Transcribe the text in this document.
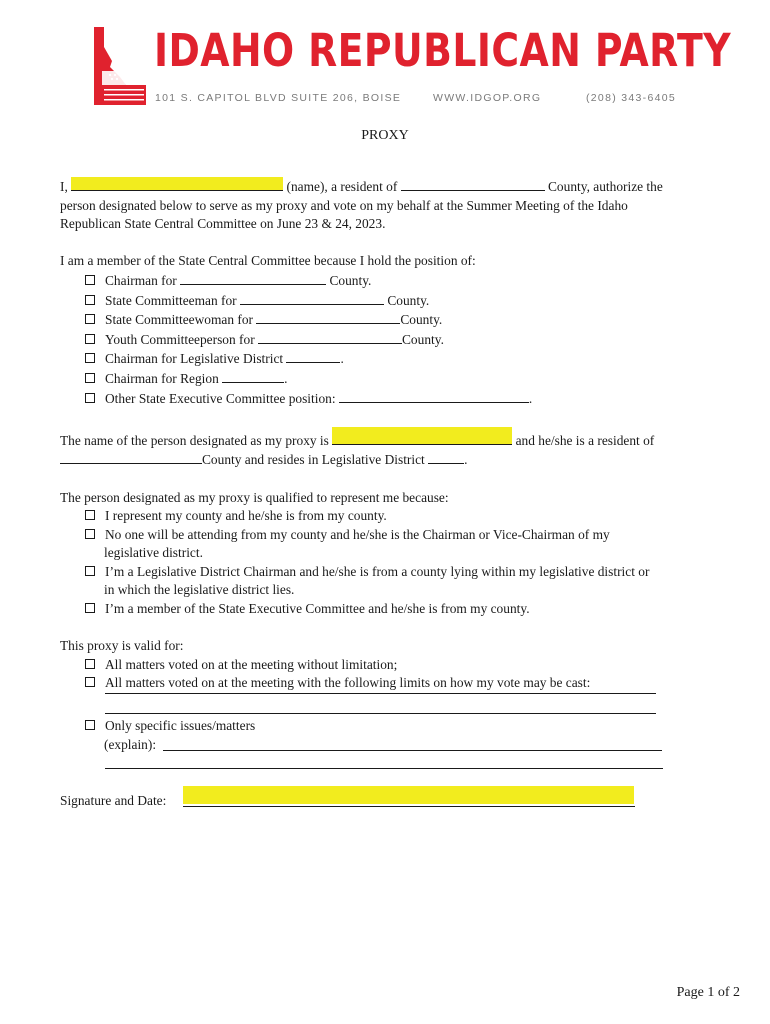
IDAHO REPUBLICAN PARTY
101 S. CAPITOL BLVD SUITE 206, BOISE	WWW.IDGOP.ORG	(208) 343-6405
PROXY
I,	(name), a resident of	County, authorize the
person designated below to serve as my proxy and vote on my behalf at the Summer Meeting of the Idaho
Republican State Central Committee on June 23 & 24, 2023.
I am a member of the State Central Committee because I hold the position of:
Chairman for	County.
State Committeeman for	County.
State Committeewoman for	County.
Youth Committeeperson for	County.
Chairman for Legislative District	.
Chairman for Region	.
Other State Executive Committee position:	.
The name of the person designated as my proxy is	and he/she is a resident of
County and resides in Legislative District	.
The person designated as my proxy is qualified to represent me because:
I represent my county and he/she is from my county.
No one will be attending from my county and he/she is the Chairman or Vice-Chairman of my
legislative district.
I’m a Legislative District Chairman and he/she is from a county lying within my legislative district or
in which the legislative district lies.
I’m a member of the State Executive Committee and he/she is from my county.
This proxy is valid for:
All matters voted on at the meeting without limitation;
All matters voted on at the meeting with the following limits on how my vote may be cast:
Only specific issues/matters
(explain):
Signature and Date:
Page 1 of 2
